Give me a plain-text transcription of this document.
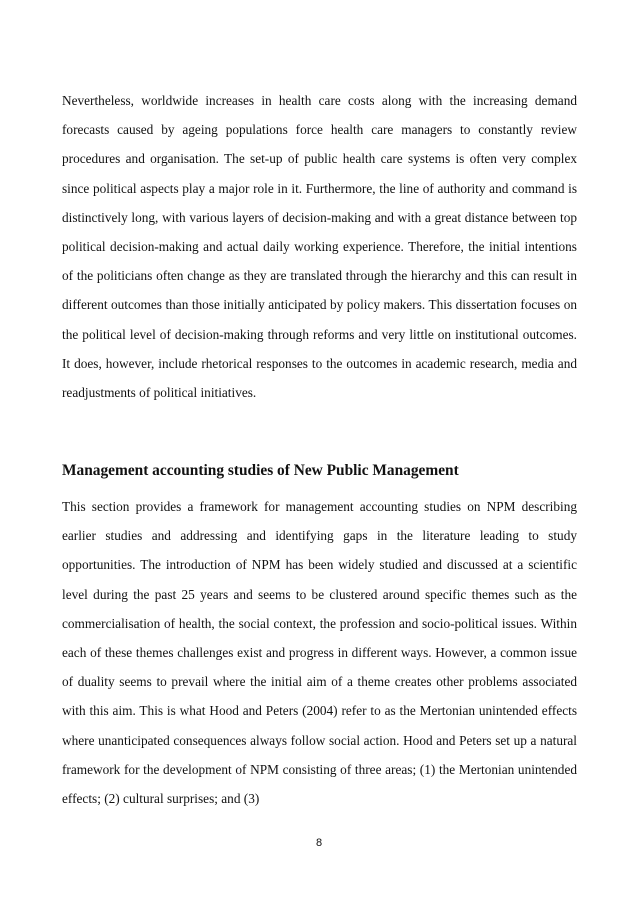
Nevertheless, worldwide increases in health care costs along with the increasing demand forecasts caused by ageing populations force health care managers to constantly review procedures and organisation. The set-up of public health care systems is often very complex since political aspects play a major role in it. Furthermore, the line of authority and command is distinctively long, with various layers of decision-making and with a great distance between top political decision-making and actual daily working experience. Therefore, the initial intentions of the politicians often change as they are translated through the hierarchy and this can result in different outcomes than those initially anticipated by policy makers. This dissertation focuses on the political level of decision-making through reforms and very little on institutional outcomes. It does, however, include rhetorical responses to the outcomes in academic research, media and readjustments of political initiatives.

Management accounting studies of New Public Management

This section provides a framework for management accounting studies on NPM describing earlier studies and addressing and identifying gaps in the literature leading to study opportunities. The introduction of NPM has been widely studied and discussed at a scientific level during the past 25 years and seems to be clustered around specific themes such as the commercialisation of health, the social context, the profession and socio-political issues. Within each of these themes challenges exist and progress in different ways. However, a common issue of duality seems to prevail where the initial aim of a theme creates other problems associated with this aim. This is what Hood and Peters (2004) refer to as the Mertonian unintended effects where unanticipated consequences always follow social action. Hood and Peters set up a natural framework for the development of NPM consisting of three areas; (1) the Mertonian unintended effects; (2) cultural surprises; and (3)

8
